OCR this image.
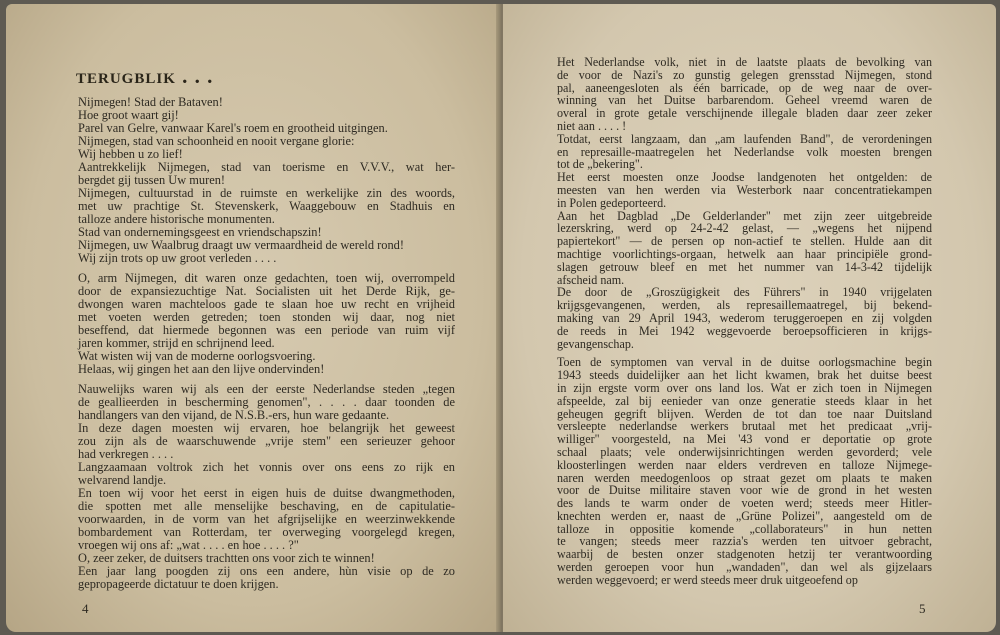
terugblik . . .
Nijmegen! Stad der Bataven!
Hoe groot waart gij!
Parel van Gelre, vanwaar Karel's roem en grootheid uitgingen.
Nijmegen, stad van schoonheid en nooit vergane glorie:
Wij hebben u zo lief!
Aantrekkelijk Nijmegen, stad van toerisme en V.V.V., wat her-
bergdet gij tussen Uw muren!
Nijmegen, cultuurstad in de ruimste en werkelijke zin des woords,
met uw prachtige St. Stevenskerk, Waaggebouw en Stadhuis en
talloze andere historische monumenten.
Stad van ondernemingsgeest en vriendschapszin!
Nijmegen, uw Waalbrug draagt uw vermaardheid de wereld rond!
Wij zijn trots op uw groot verleden . . . .
O, arm Nijmegen, dit waren onze gedachten, toen wij, overrompeld
door de expansiezuchtige Nat. Socialisten uit het Derde Rijk, ge-
dwongen waren machteloos gade te slaan hoe uw recht en vrijheid
met voeten werden getreden; toen stonden wij daar, nog niet
beseffend, dat hiermede begonnen was een periode van ruim vijf
jaren kommer, strijd en schrijnend leed.
Wat wisten wij van de moderne oorlogsvoering.
Helaas, wij gingen het aan den lijve ondervinden!
Nauwelijks waren wij als een der eerste Nederlandse steden „tegen
de geallieerden in bescherming genomen", . . . . daar toonden de
handlangers van den vijand, de N.S.B.-ers, hun ware gedaante.
In deze dagen moesten wij ervaren, hoe belangrijk het geweest
zou zijn als de waarschuwende „vrije stem" een serieuzer gehoor
had verkregen . . . .
Langzaamaan voltrok zich het vonnis over ons eens zo rijk en
welvarend landje.
En toen wij voor het eerst in eigen huis de duitse dwangmethoden,
die spotten met alle menselijke beschaving, en de capitulatie-
voorwaarden, in de vorm van het afgrijselijke en weerzinwekkende
bombardement van Rotterdam, ter overweging voorgelegd kregen,
vroegen wij ons af: „wat . . . . en hoe . . . . ?"
O, zeer zeker, de duitsers trachtten ons voor zich te winnen!
Een jaar lang poogden zij ons een andere, hùn visie op de zo
gepropageerde dictatuur te doen krijgen.
4
Het Nederlandse volk, niet in de laatste plaats de bevolking van
de voor de Nazi's zo gunstig gelegen grensstad Nijmegen, stond
pal, aaneengesloten als één barricade, op de weg naar de over-
winning van het Duitse barbarendom. Geheel vreemd waren de
overal in grote getale verschijnende illegale bladen daar zeer zeker
niet aan . . . . !
Totdat, eerst langzaam, dan „am laufenden Band", de verordeningen
en represaille-maatregelen het Nederlandse volk moesten brengen
tot de „bekering".
Het eerst moesten onze Joodse landgenoten het ontgelden: de
meesten van hen werden via Westerbork naar concentratiekampen
in Polen gedeporteerd.
Aan het Dagblad „De Gelderlander" met zijn zeer uitgebreide
lezerskring, werd op 24-2-42 gelast, — „wegens het nijpend
papiertekort" — de persen op non-actief te stellen. Hulde aan dit
machtige voorlichtings-orgaan, hetwelk aan haar principiële grond-
slagen getrouw bleef en met het nummer van 14-3-42 tijdelijk
afscheid nam.
De door de „Groszügigkeit des Führers" in 1940 vrijgelaten
krijgsgevangenen, werden, als represaillemaatregel, bij bekend-
making van 29 April 1943, wederom teruggeroepen en zij volgden
de reeds in Mei 1942 weggevoerde beroepsofficieren in krijgs-
gevangenschap.
Toen de symptomen van verval in de duitse oorlogsmachine begin
1943 steeds duidelijker aan het licht kwamen, brak het duitse beest
in zijn ergste vorm over ons land los. Wat er zich toen in Nijmegen
afspeelde, zal bij eenieder van onze generatie steeds klaar in het
geheugen gegrift blijven. Werden de tot dan toe naar Duitsland
versleepte nederlandse werkers brutaal met het predicaat „vrij-
williger" voorgesteld, na Mei '43 vond er deportatie op grote
schaal plaats; vele onderwijsinrichtingen werden gevorderd; vele
kloosterlingen werden naar elders verdreven en talloze Nijmege-
naren werden meedogenloos op straat gezet om plaats te maken
voor de Duitse militaire staven voor wie de grond in het westen
des lands te warm onder de voeten werd; steeds meer Hitler-
knechten werden er, naast de „Grüne Polizei", aangesteld om de
talloze in oppositie komende „collaborateurs" in hun netten
te vangen; steeds meer razzia's werden ten uitvoer gebracht,
waarbij de besten onzer stadgenoten hetzij ter verantwoording
werden geroepen voor hun „wandaden", dan wel als gijzelaars
werden weggevoerd; er werd steeds meer druk uitgeoefend op
5
